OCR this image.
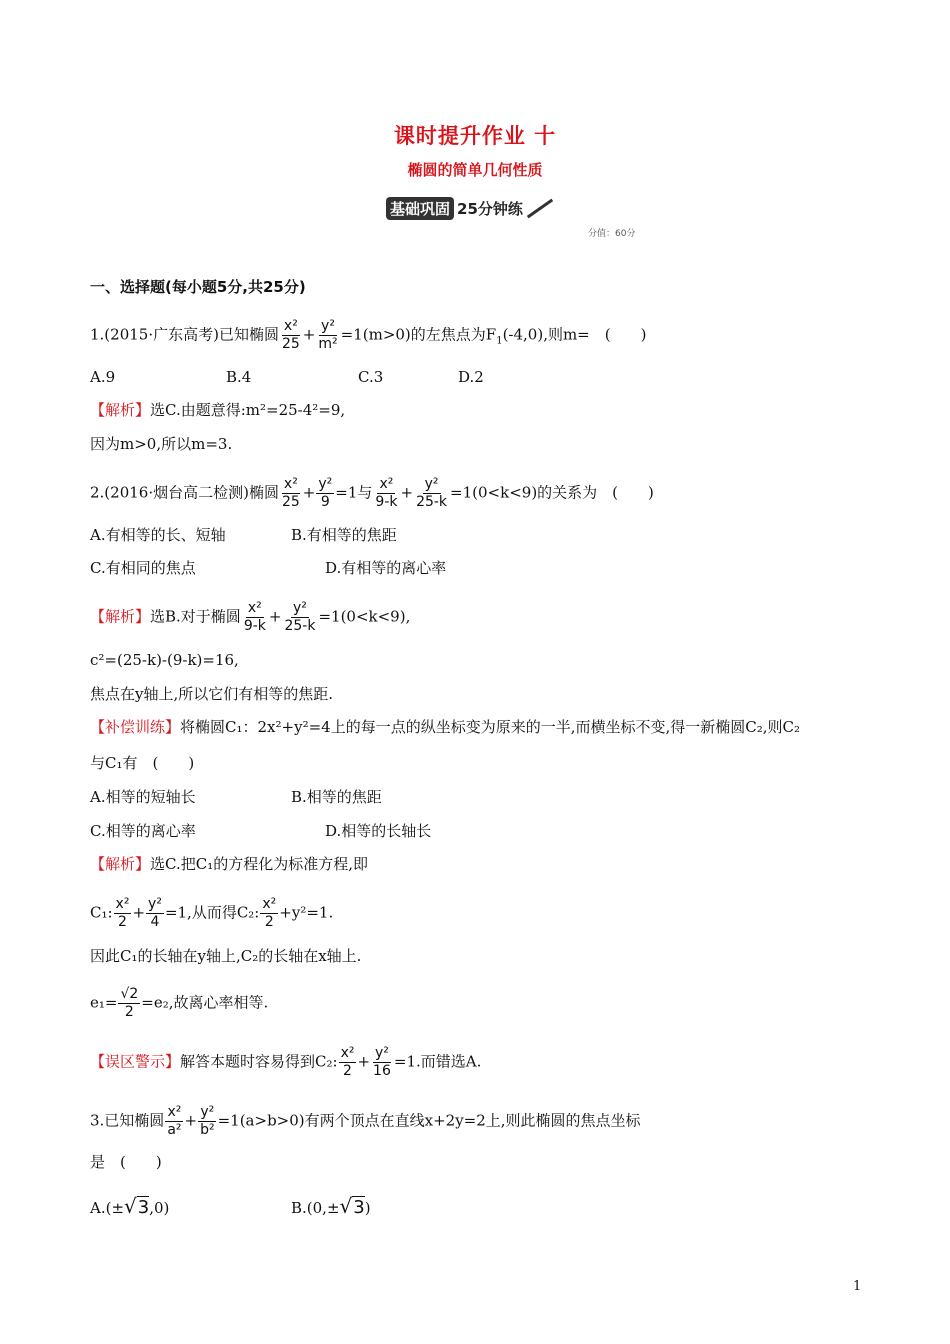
课时提升作业 十
椭圆的简单几何性质
基础巩固 25分钟练
分值：60分
一、选择题(每小题5分,共25分)
1.(2015·广东高考)已知椭圆 $\frac{\text{x²}}{25} + \frac{\text{y²}}{\text{m²}} =1(m>0)$的左焦点为$F_1(-4,0)$,则m=　(　　)
A.9	B.4	C.3	D.2
【解析】选C.由题意得:m²=25-4²=9,
因为m>0,所以m=3.
2.(2016·烟台高二检测)椭圆 $\frac{\text{x²}}{25} + \frac{\text{y²}}{9} =1$与 $\frac{\text{x²}}{9-k} + \frac{\text{y²}}{25-k} =1(0<k<9)$的关系为　(　　)
A.有相等的长、短轴	B.有相等的焦距
C.有相同的焦点	D.有相等的离心率
【解析】选B.对于椭圆 $\frac{\text{x²}}{9-k} + \frac{\text{y²}}{25-k} =1(0<k<9)$,
c²=(25-k)-(9-k)=16,
焦点在y轴上,所以它们有相等的焦距.
【补偿训练】将椭圆C₁：2x²+y²=4上的每一点的纵坐标变为原来的一半,而横坐标不变,得一新椭圆C₂,则C₂
与C₁有　(　　)
A.相等的短轴长	B.相等的焦距
C.相等的离心率	D.相等的长轴长
【解析】选C.把C₁的方程化为标准方程,即
C₁: $\frac{\text{x²}}{2} + \frac{\text{y²}}{4} =1$,从而得C₂: $\frac{\text{x²}}{2} +y^2=1$.
因此C₁的长轴在y轴上,C₂的长轴在x轴上.
$e_1= \frac{√2}{2} =e_2$,故离心率相等.
【误区警示】解答本题时容易得到C₂: $\frac{\text{x²}}{2} + \frac{\text{y²}}{16} =1$.而错选A.
3.已知椭圆 $\frac{\text{x²}}{\text{a²}} + \frac{\text{y²}}{\text{b²}} =1(a>b>0)$有两个顶点在直线x+2y=2上,则此椭圆的焦点坐标
是　(　　)
A.(±√3,0)	B.(0,±√3)
1
